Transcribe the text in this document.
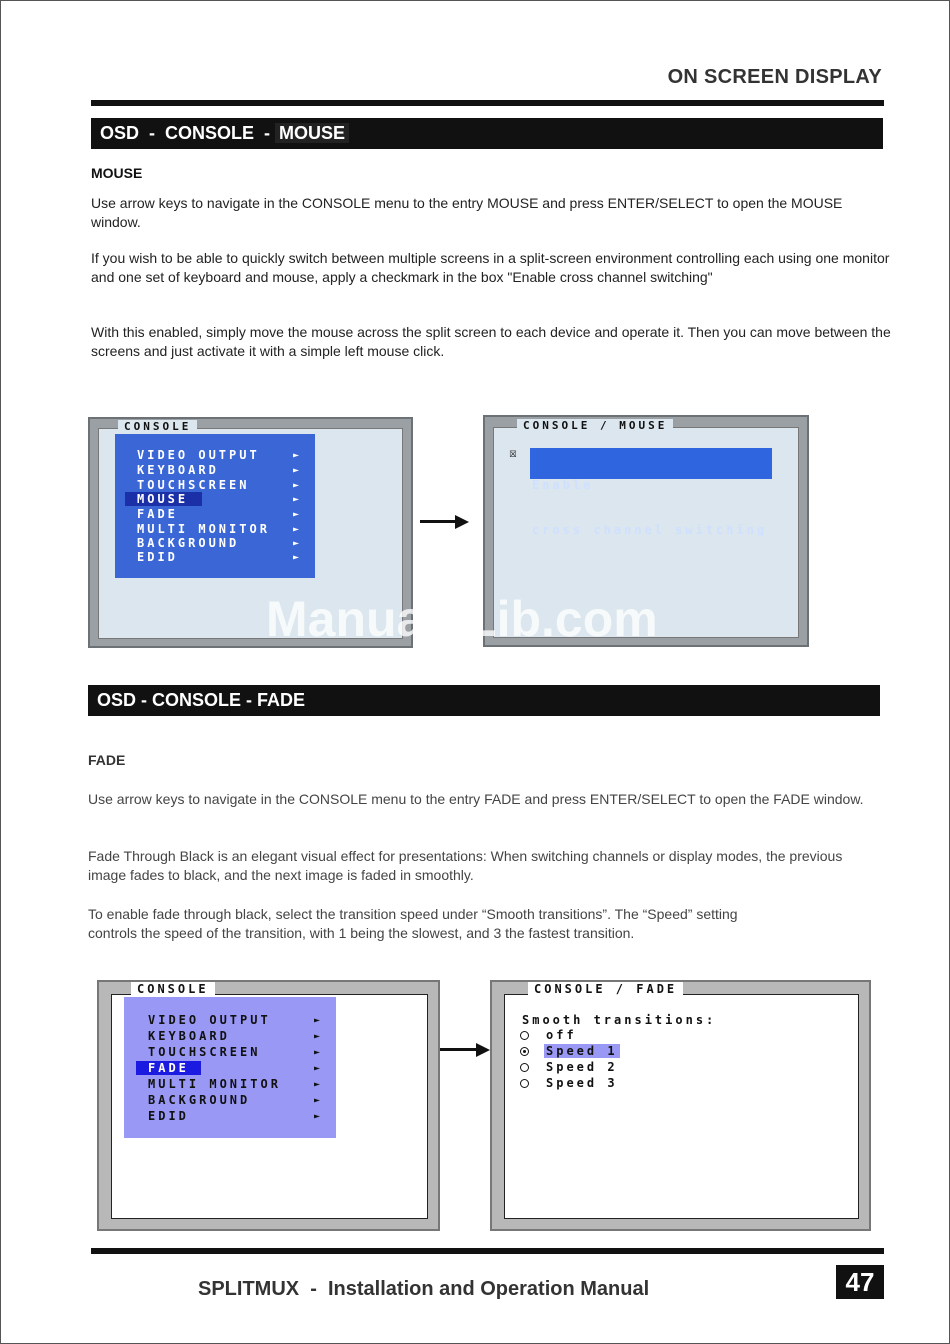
ON SCREEN DISPLAY
OSD  -  CONSOLE  - MOUSE
MOUSE

Use arrow keys to navigate in the CONSOLE menu to the entry MOUSE and press ENTER/SELECT to open the MOUSE window.

If you wish to be able to quickly switch between multiple screens in a split-screen environment controlling each using one monitor and one set of keyboard and mouse, apply a checkmark in the box "Enable cross channel switching"

With this enabled, simply move the mouse across the split screen to each device and operate it. Then you can move between the screens and just activate it with a simple left mouse click.

CONSOLE
VIDEO OUTPUT
KEYBOARD
TOUCHSCREEN
MOUSE
FADE
MULTI MONITOR
BACKGROUND
EDID
►
►
►
►
►
►
►
►
CONSOLE / MOUSE
☒

Enable

cross channel switching

ManualsLib.com
OSD - CONSOLE - FADE
FADE

Use arrow keys to navigate in the CONSOLE menu to the entry FADE and press ENTER/SELECT to open the FADE window.

Fade Through Black is an elegant visual effect for presentations: When switching channels or display modes, the previous image fades to black, and the next image is faded in smoothly.

To enable fade through black, select the transition speed under “Smooth transitions”. The “Speed” setting controls the speed of the transition, with 1 being the slowest, and 3 the fastest transition.

CONSOLE
VIDEO OUTPUT
KEYBOARD
TOUCHSCREEN
FADE
MULTI MONITOR
BACKGROUND
EDID
►
►
►
►
►
►
►
CONSOLE / FADE
Smooth transitions:
off
Speed 1
Speed 2
Speed 3
SPLITMUX  -  Installation and Operation Manual	47
